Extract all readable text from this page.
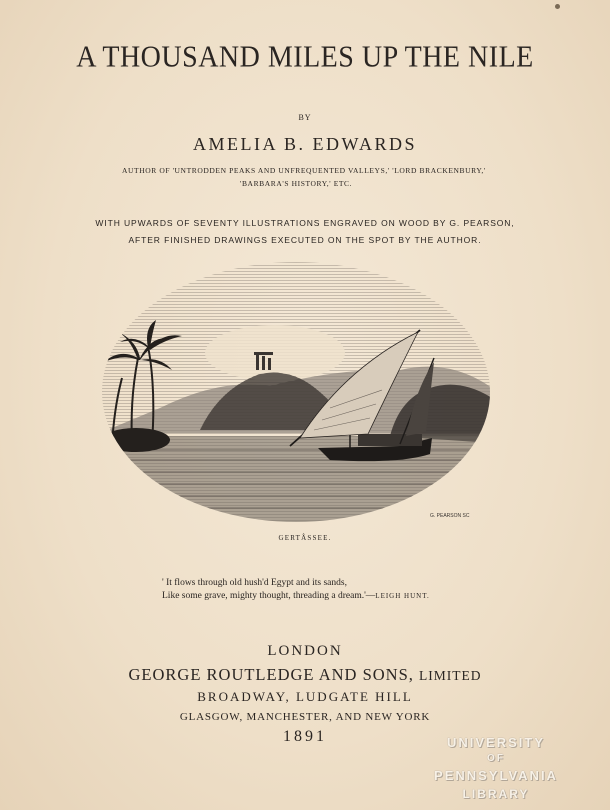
A THOUSAND MILES UP THE NILE
BY
AMELIA B. EDWARDS
AUTHOR OF 'UNTRODDEN PEAKS AND UNFREQUENTED VALLEYS,' 'LORD BRACKENBURY,'
'BARBARA'S HISTORY,' ETC.
WITH UPWARDS OF SEVENTY ILLUSTRATIONS ENGRAVED ON WOOD BY G. PEARSON,
AFTER FINISHED DRAWINGS EXECUTED ON THE SPOT BY THE AUTHOR.
G. PEARSON SC
GERTÂSSEE.
' It flows through old hush'd Egypt and its sands,
Like some grave, mighty thought, threading a dream.'—LEIGH HUNT.
LONDON
GEORGE ROUTLEDGE AND SONS, LIMITED
BROADWAY, LUDGATE HILL
GLASGOW, MANCHESTER, AND NEW YORK
1891	UNIVERSITY
OF
PENNSYLVANIA
LIBRARY
